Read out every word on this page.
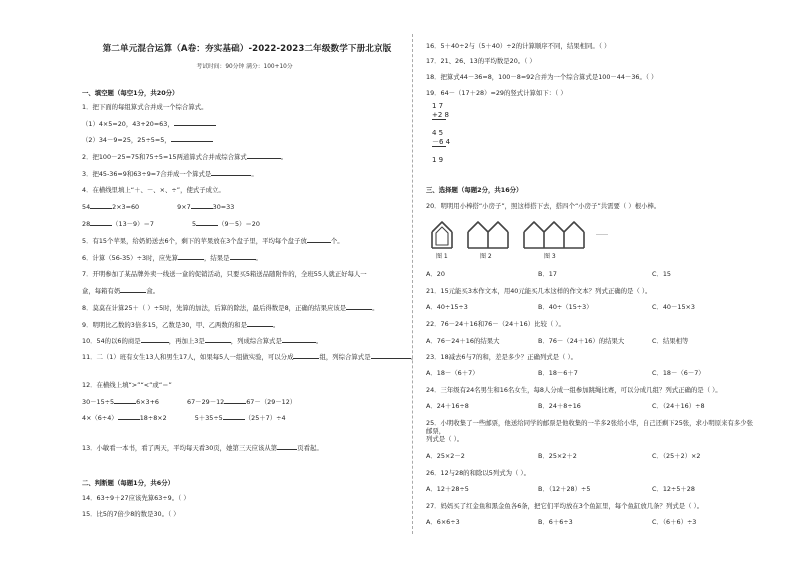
第二单元混合运算（A卷：夯实基础）-2022-2023二年级数学下册北京版
考试时间：90分钟 满分：100+10分
一、填空题（每空1分，共20分）
1．把下面的每组算式合并成一个综合算式。
（1）4×5=20，43+20=63，
（2）34－9=25，25÷5=5，
2．把100－25=75和75÷5=15两道算式合并成综合算式	。
3．把45-36=9和63÷9=7合并成一个算式是	。
4．在横线里填上“＋、－、×、÷”，使式子成立。
54	2×3=60	9×7	30=33
28	（13－9）＝7	5	（9－5）＝20
5．有15个苹果，给奶奶送去6个，剩下的苹果放在3个盘子里，平均每个盘子放	个。
6．计算（56-35）÷3时，应先算	，结果是	。
7．开明参加了某品牌外卖一线送一盒的促销活动，只要买5箱送品随附件的，全班55人就正好每人一
盒，每箱有奶	盒。
8．莫莫在计算25＋（ ）÷5时，先算的加法，后算的除法，最后得数是8，正确的结果应该是	。
9．明明比乙数的3倍多15，乙数是30，甲、乙两数的和是	。
10．54的以6的商是	，再加上3是	，列成综合算式是	。
11．二（1）班有女生13人和男生17人，如果每5人一组做实验，可以分成	组，列综合算式是	。
12．在横线上填“>”“<”或“＝”
30－15÷5	6×3+6	67－29－12	67－（29－12）
4×（6÷4）	18÷8×2	5＋35÷5	（25＋7）÷4
13．小敏看一本书，看了两天，平均每天看30页，她第三天应该从第	页看起。
二、判断题（每题1分，共6分）
14．63÷9＋27应该先算63÷9。（ ）
15．比5的7倍少8的数是30。（ ）
16．5＋40÷2与（5＋40）÷2的计算顺序不同，结果相同。（ ）
17．21、26、13的平均数是20。（ ）
18．把算式44－36=8，100－8=92合并为一个综合算式是100－44－36。（ ）
19．64－（17＋28）=29的竖式计算如下：（ ）
三、选择题（每题2分，共16分）
20．明明用小棒搭“小房子”，照这样搭下去，搭四个“小房子”共需要（ ）根小棒。
A．20	B．17	C．15
21．15元能买3本作文本，用40元能买几本这样的作文本？列式正确的是（ ）。
A．40÷15÷3	B．40÷（15÷3）	C．40－15×3
22．76－24＋16和76－（24＋16）比较（ ）。
A．76－24＋16的结果大	B．76－（24＋16）的结果大	C．结果相等
23．18减去6与7的和，差是多少？正确列式是（ ）。
A．18－（6＋7）	B．18－6＋7	C．18－（6－7）
24．三年级有24名男生和16名女生，每8人分成一组参加跳绳比赛，可以分成几组？列式正确的是（ ）。
A．24＋16÷8	B．24＋8÷16	C．（24＋16）÷8
25．小明收集了一些邮票，他送给同学的邮票是他收集的一半多2张给小华，自己还剩下25张，求小明原来有多少张邮票，
列式是（ ）。
A．25×2－2	B．25×2＋2	C．（25＋2）×2
26．12与28的和除以5列式为（ ）。
A．12＋28÷5	B．（12＋28）÷5	C．12÷5＋28
27．妈妈买了红金鱼和黑金鱼各6条，把它们平均放在3个鱼缸里，每个鱼缸放几条？列式是（ ）。
A．6×6÷3	B．6＋6÷3	C．（6＋6）÷3
1 7
+2 8
4 5
－6 4
1 9
图 1	图 2	图 3
……
